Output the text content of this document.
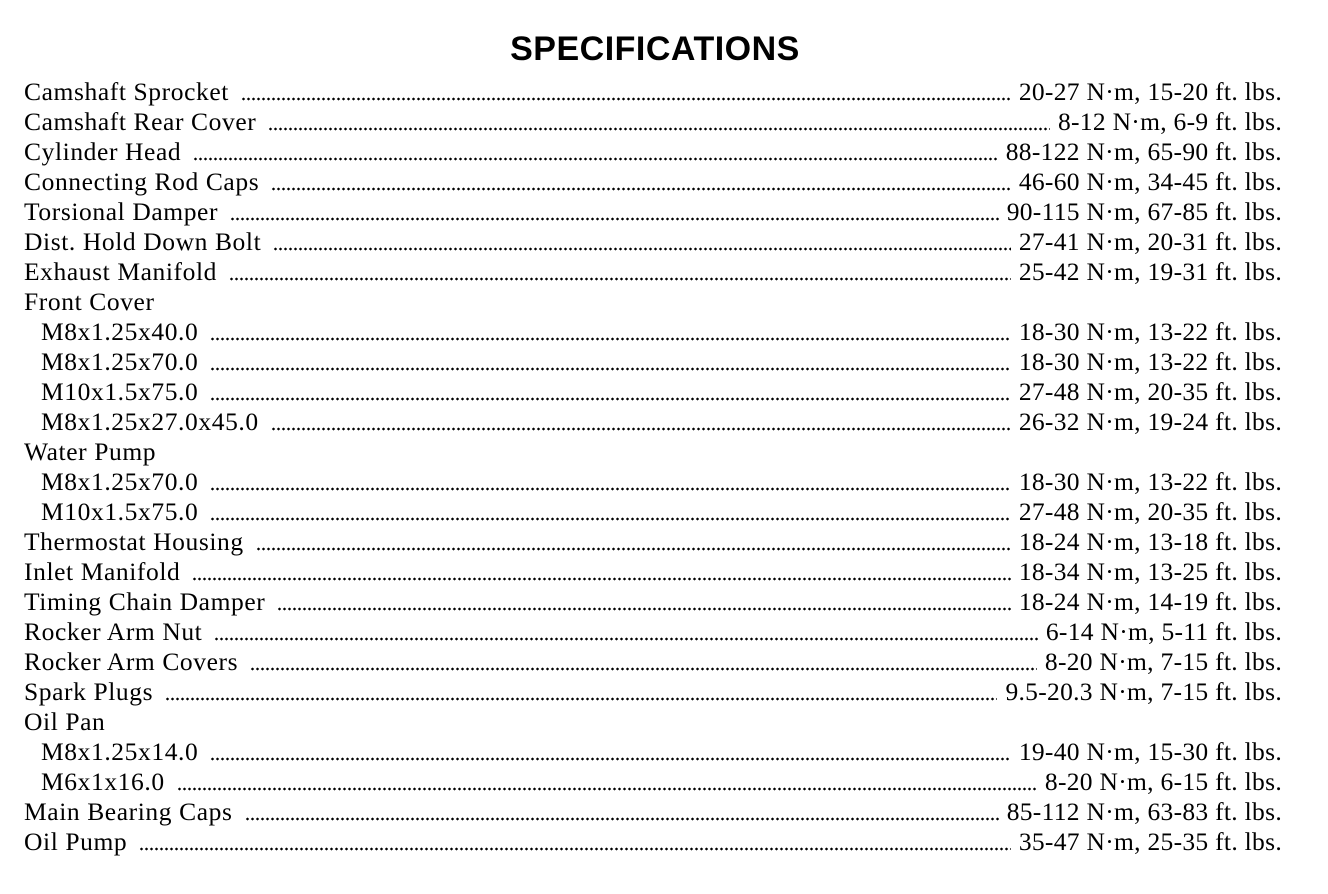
SPECIFICATIONS
Camshaft Sprocket	20-27 N·m, 15-20 ft. lbs.
Camshaft Rear Cover	8-12 N·m, 6-9 ft. lbs.
Cylinder Head	88-122 N·m, 65-90 ft. lbs.
Connecting Rod Caps	46-60 N·m, 34-45 ft. lbs.
Torsional Damper	90-115 N·m, 67-85 ft. lbs.
Dist. Hold Down Bolt	27-41 N·m, 20-31 ft. lbs.
Exhaust Manifold	25-42 N·m, 19-31 ft. lbs.
Front Cover
M8x1.25x40.0	18-30 N·m, 13-22 ft. lbs.
M8x1.25x70.0	18-30 N·m, 13-22 ft. lbs.
M10x1.5x75.0	27-48 N·m, 20-35 ft. lbs.
M8x1.25x27.0x45.0	26-32 N·m, 19-24 ft. lbs.
Water Pump
M8x1.25x70.0	18-30 N·m, 13-22 ft. lbs.
M10x1.5x75.0	27-48 N·m, 20-35 ft. lbs.
Thermostat Housing	18-24 N·m, 13-18 ft. lbs.
Inlet Manifold	18-34 N·m, 13-25 ft. lbs.
Timing Chain Damper	18-24 N·m, 14-19 ft. lbs.
Rocker Arm Nut	6-14 N·m, 5-11 ft. lbs.
Rocker Arm Covers	8-20 N·m, 7-15 ft. lbs.
Spark Plugs	9.5-20.3 N·m, 7-15 ft. lbs.
Oil Pan
M8x1.25x14.0	19-40 N·m, 15-30 ft. lbs.
M6x1x16.0	8-20 N·m, 6-15 ft. lbs.
Main Bearing Caps	85-112 N·m, 63-83 ft. lbs.
Oil Pump	35-47 N·m, 25-35 ft. lbs.
